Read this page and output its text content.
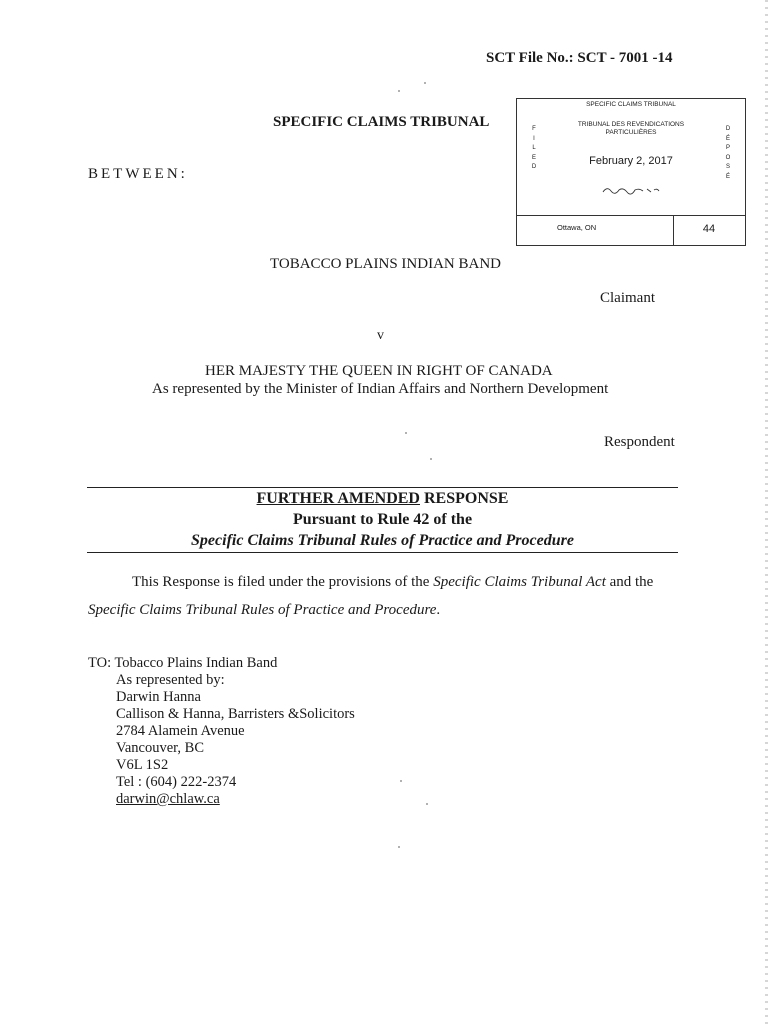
SCT File No.: SCT - 7001 -14
SPECIFIC CLAIMS TRIBUNAL
BETWEEN:
SPECIFIC CLAIMS TRIBUNAL
TRIBUNAL DES REVENDICATIONS
PARTICULIÈRES
F
I
L
E
D
D
É
P
O
S
É
February 2, 2017
Ottawa, ON	44
TOBACCO PLAINS INDIAN BAND
Claimant
v
HER MAJESTY THE QUEEN IN RIGHT OF CANADA
As represented by the Minister of Indian Affairs and Northern Development
Respondent
FURTHER AMENDED RESPONSE
Pursuant to Rule 42 of the
Specific Claims Tribunal Rules of Practice and Procedure
This Response is filed under the provisions of the Specific Claims Tribunal Act and the
Specific Claims Tribunal Rules of Practice and Procedure.
TO: Tobacco Plains Indian Band
As represented by:
Darwin Hanna
Callison & Hanna, Barristers &Solicitors
2784 Alamein Avenue
Vancouver, BC
V6L 1S2
Tel : (604) 222-2374
darwin@chlaw.ca
